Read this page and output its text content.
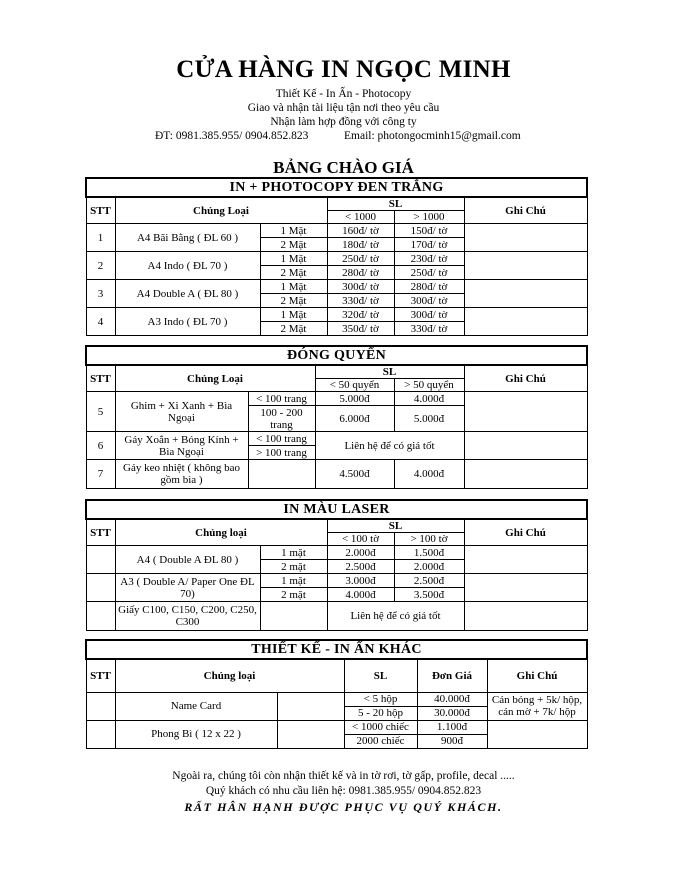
CỬA HÀNG IN NGỌC MINH
Thiết Kế - In Ấn - Photocopy
Giao và nhận tài liệu tận nơi theo yêu cầu
Nhận làm hợp đồng với công ty
ĐT: 0981.385.955/ 0904.852.823	Email: photongocminh15@gmail.com
BẢNG CHÀO GIÁ
IN + PHOTOCOPY ĐEN TRẮNG					
STT	Chủng Loại		SL		Ghi Chú
			< 1000	> 1000	
1	A4 Bãi Bằng ( ĐL 60 )	1 Mặt	160đ/ tờ	150đ/ tờ	
		2 Mặt	180đ/ tờ	170đ/ tờ	
2	A4 Indo ( ĐL 70 )	1 Mặt	250đ/ tờ	230đ/ tờ	
		2 Mặt	280đ/ tờ	250đ/ tờ	
3	A4 Double A ( ĐL 80 )	1 Mặt	300đ/ tờ	280đ/ tờ	
		2 Mặt	330đ/ tờ	300đ/ tờ	
4	A3 Indo ( ĐL 70 )	1 Mặt	320đ/ tờ	300đ/ tờ	
		2 Mặt	350đ/ tờ	330đ/ tờ	
ĐÓNG QUYỂN					
STT	Chủng Loại		SL		Ghi Chú
			< 50 quyển	> 50 quyển	
5	Ghim + Xi Xanh + Bìa Ngoại	< 100 trang	5.000đ	4.000đ	
		100 - 200 trang	6.000đ	5.000đ	
6	Gáy Xoắn + Bóng Kính + Bìa Ngoại	< 100 trang	Liên hệ để có giá tốt		
		> 100 trang			
7	Gáy keo nhiệt ( không bao gồm bìa )		4.500đ	4.000đ	
IN MÀU LASER					
STT	Chủng loại		SL		Ghi Chú
			< 100 tờ	> 100 tờ	
	A4 ( Double A ĐL 80 )	1 mặt	2.000đ	1.500đ	
		2 mặt	2.500đ	2.000đ	
	A3 ( Double A/ Paper One ĐL 70)	1 mặt	3.000đ	2.500đ	
		2 mặt	4.000đ	3.500đ	
	Giấy C100, C150, C200, C250, C300		Liên hệ để có giá tốt		
THIẾT KẾ - IN ẤN KHÁC					
STT	Chủng loại		SL	Đơn Giá	Ghi Chú
	Name Card		< 5 hộp	40.000đ	Cán bóng + 5k/ hộp, cán mờ + 7k/ hộp
			5 - 20 hộp	30.000đ	
	Phong Bì ( 12 x 22 )		< 1000 chiếc	1.100đ	
			2000 chiếc	900đ	
Ngoài ra, chúng tôi còn nhận thiết kế và in tờ rơi, tờ gấp, profile, decal .....
Quý khách có nhu cầu liên hệ: 0981.385.955/ 0904.852.823
RẤT HÂN HẠNH ĐƯỢC PHỤC VỤ QUÝ KHÁCH.
